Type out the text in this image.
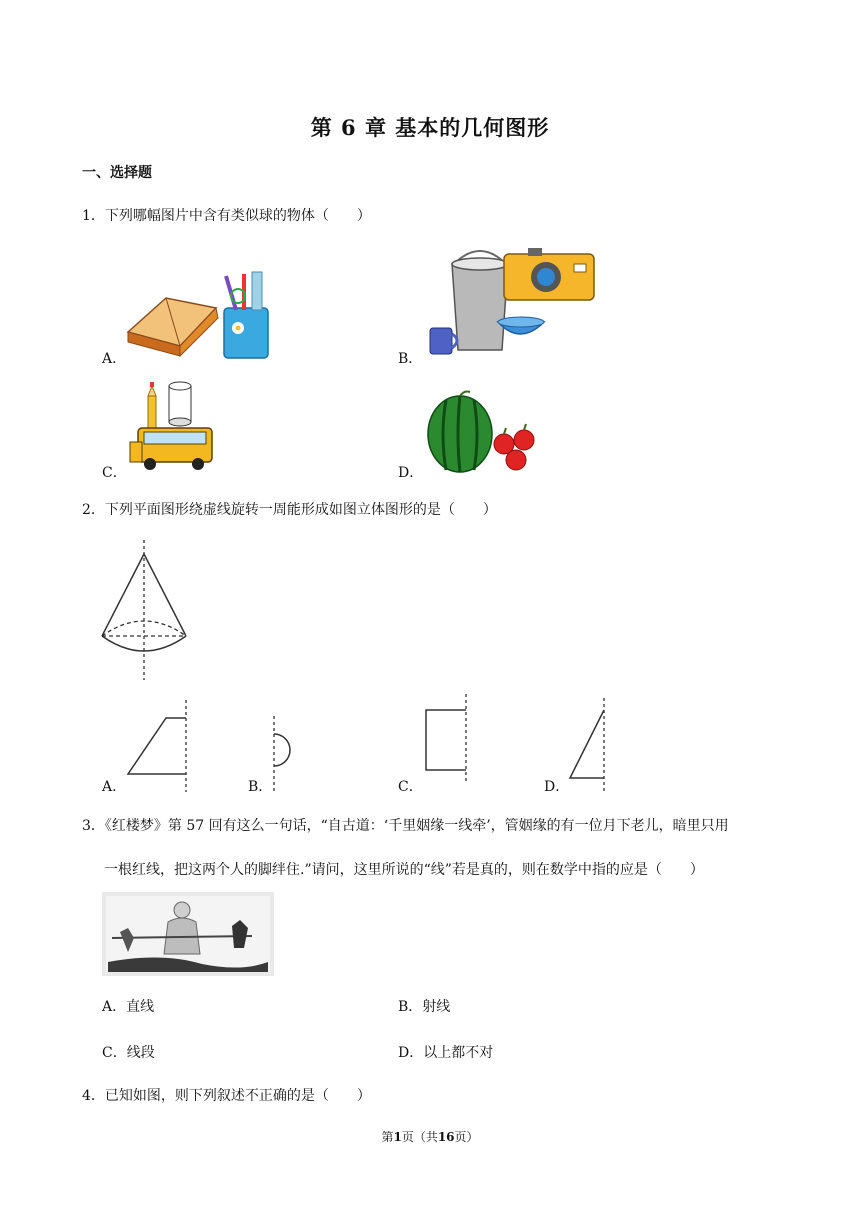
第 6 章 基本的几何图形
一、选择题
1．下列哪幅图片中含有类似球的物体（　　）
A．	B．
C．	D．
2．下列平面图形绕虚线旋转一周能形成如图立体图形的是（　　）
A．	B．	C．	D．
3．《红楼梦》第 57 回有这么一句话，“自古道：‘千里姻缘一线牵’，管姻缘的有一位月下老儿，暗里只用
一根红线，把这两个人的脚绊住.”请问，这里所说的“线”若是真的，则在数学中指的应是（　　）
A．直线	B．射线
C．线段	D．以上都不对
4．已知如图，则下列叙述不正确的是（　　）
第1页（共16页）
